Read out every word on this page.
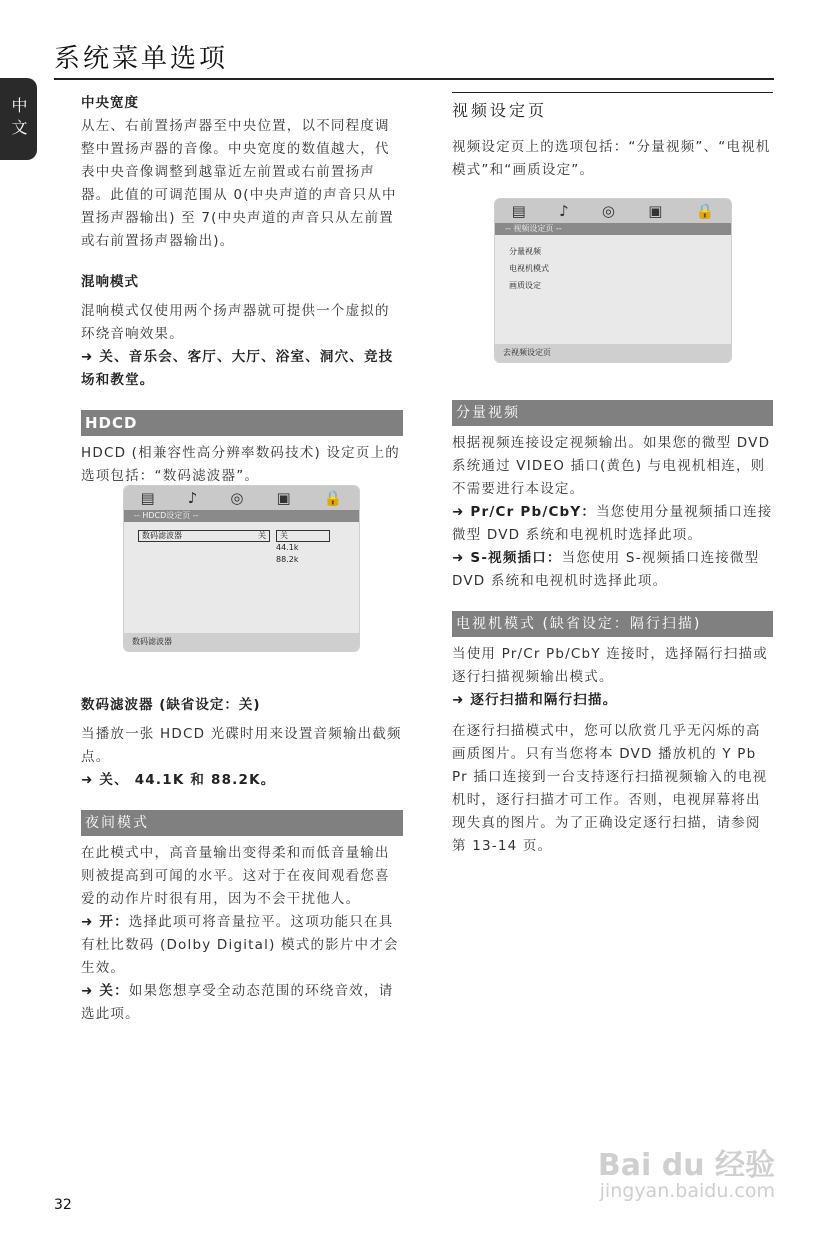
系统菜单选项
中文	中央宽度

从左、右前置扬声器至中央位置，以不同程度调整中置扬声器的音像。中央宽度的数值越大，代表中央音像调整到越靠近左前置或右前置扬声器。此值的可调范围从 0(中央声道的声音只从中置扬声器输出) 至 7(中央声道的声音只从左前置或右前置扬声器输出)。

混响模式

混响模式仅使用两个扬声器就可提供一个虚拟的环绕音响效果。

➜ 关、音乐会、客厅、大厅、浴室、洞穴、竞技场和教堂。

HDCD

HDCD (相兼容性高分辨率数码技术) 设定页上的选项包括：“数码滤波器”。

数码滤波器 (缺省设定：关)

当播放一张 HDCD 光碟时用来设置音频输出截频点。

➜ 关、 44.1K 和 88.2K。

夜间模式

在此模式中，高音量输出变得柔和而低音量输出则被提高到可闻的水平。这对于在夜间观看您喜爱的动作片时很有用，因为不会干扰他人。

➜ 开：选择此项可将音量拉平。这项功能只在具有杜比数码 (Dolby Digital) 模式的影片中才会生效。

➜ 关：如果您想享受全动态范围的环绕音效，请选此项。

▤ ♪ ◎ ▣ 🔒
-- HDCD设定页 --
数码滤波器	关	关
44.1k
88.2k
数码滤波器
视频设定页

视频设定页上的选项包括：“分量视频”、“电视机模式”和“画质设定”。

分量视频

根据视频连接设定视频输出。如果您的微型 DVD 系统通过 VIDEO 插口(黄色) 与电视机相连，则不需要进行本设定。

➜ Pr/Cr Pb/CbY：当您使用分量视频插口连接微型 DVD 系统和电视机时选择此项。

➜ S-视频插口：当您使用 S-视频插口连接微型 DVD 系统和电视机时选择此项。

电视机模式 (缺省设定：隔行扫描)

当使用 Pr/Cr Pb/CbY 连接时，选择隔行扫描或逐行扫描视频输出模式。

➜ 逐行扫描和隔行扫描。

在逐行扫描模式中，您可以欣赏几乎无闪烁的高画质图片。只有当您将本 DVD 播放机的 Y Pb Pr 插口连接到一台支持逐行扫描视频输入的电视机时，逐行扫描才可工作。否则，电视屏幕将出现失真的图片。为了正确设定逐行扫描，请参阅第 13-14 页。

▤ ♪ ◎ ▣ 🔒
-- 视频设定页 --
分量视频
电视机模式
画质设定
去视频设定页
32
Bai du 经验
jingyan.baidu.com
